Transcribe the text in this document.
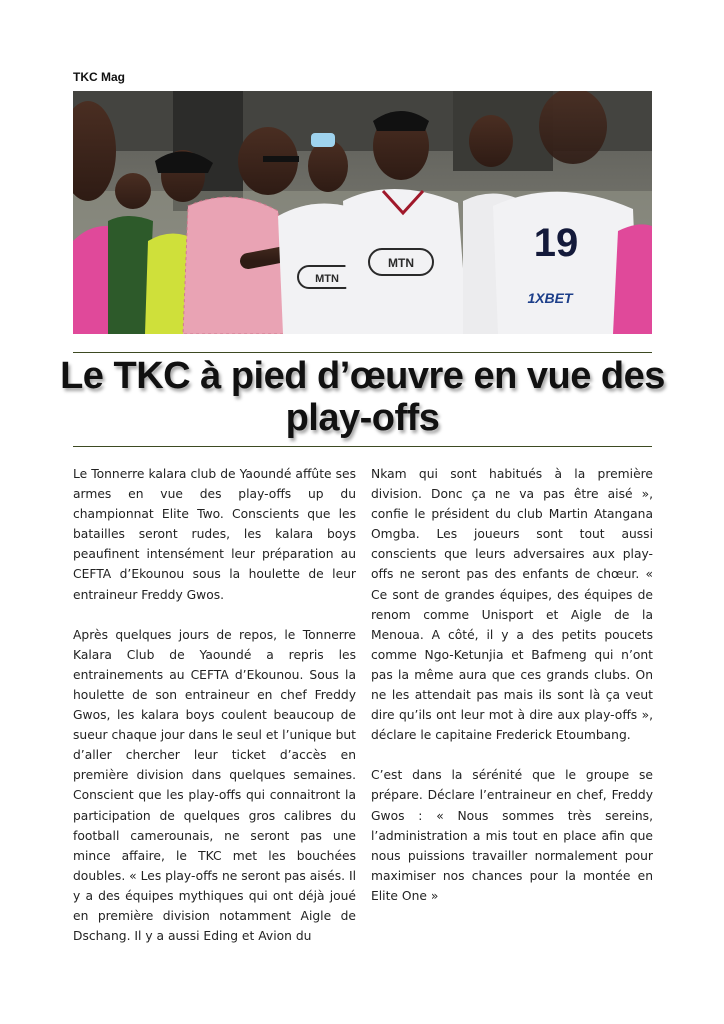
TKC Mag
MTN
MTN	19
1XBET
Le TKC à pied d’œuvre en vue des play-offs

Le Tonnerre kalara club de Yaoundé affûte ses armes en vue des play-offs up du championnat Elite Two. Conscients que les batailles seront rudes, les kalara boys peaufinent intensément leur préparation au CEFTA d’Ekounou sous la houlette de leur entraineur Freddy Gwos.

Après quelques jours de repos, le Tonnerre Kalara Club de Yaoundé a repris les entrainements au CEFTA d’Ekounou. Sous la houlette de son entraineur en chef Freddy Gwos, les kalara boys coulent beaucoup de sueur chaque jour dans le seul et l’unique but d’aller chercher leur ticket d’accès en première division dans quelques semaines. Conscient que les play-offs qui connaitront la participation de quelques gros calibres du football camerounais, ne seront pas une mince affaire, le TKC met les bouchées doubles. « Les play-offs ne seront pas aisés. Il y a des équipes mythiques qui ont déjà joué en première division notamment Aigle de Dschang. Il y a aussi Eding et Avion du

Nkam qui sont habitués à la première division. Donc ça ne va pas être aisé », confie le président du club Martin Atangana Omgba. Les joueurs sont tout aussi conscients que leurs adversaires aux play-offs ne seront pas des enfants de chœur. « Ce sont de grandes équipes, des équipes de renom comme Unisport et Aigle de la Menoua. A côté, il y a des petits poucets comme Ngo-Ketunjia et Bafmeng qui n’ont pas la même aura que ces grands clubs. On ne les attendait pas mais ils sont là ça veut dire qu’ils ont leur mot à dire aux play-offs », déclare le capitaine Frederick Etoumbang.

C’est dans la sérénité que le groupe se prépare. Déclare l’entraineur en chef, Freddy Gwos : « Nous sommes très sereins, l’administration a mis tout en place afin que nous puissions travailler normalement pour maximiser nos chances pour la montée en Elite One »
